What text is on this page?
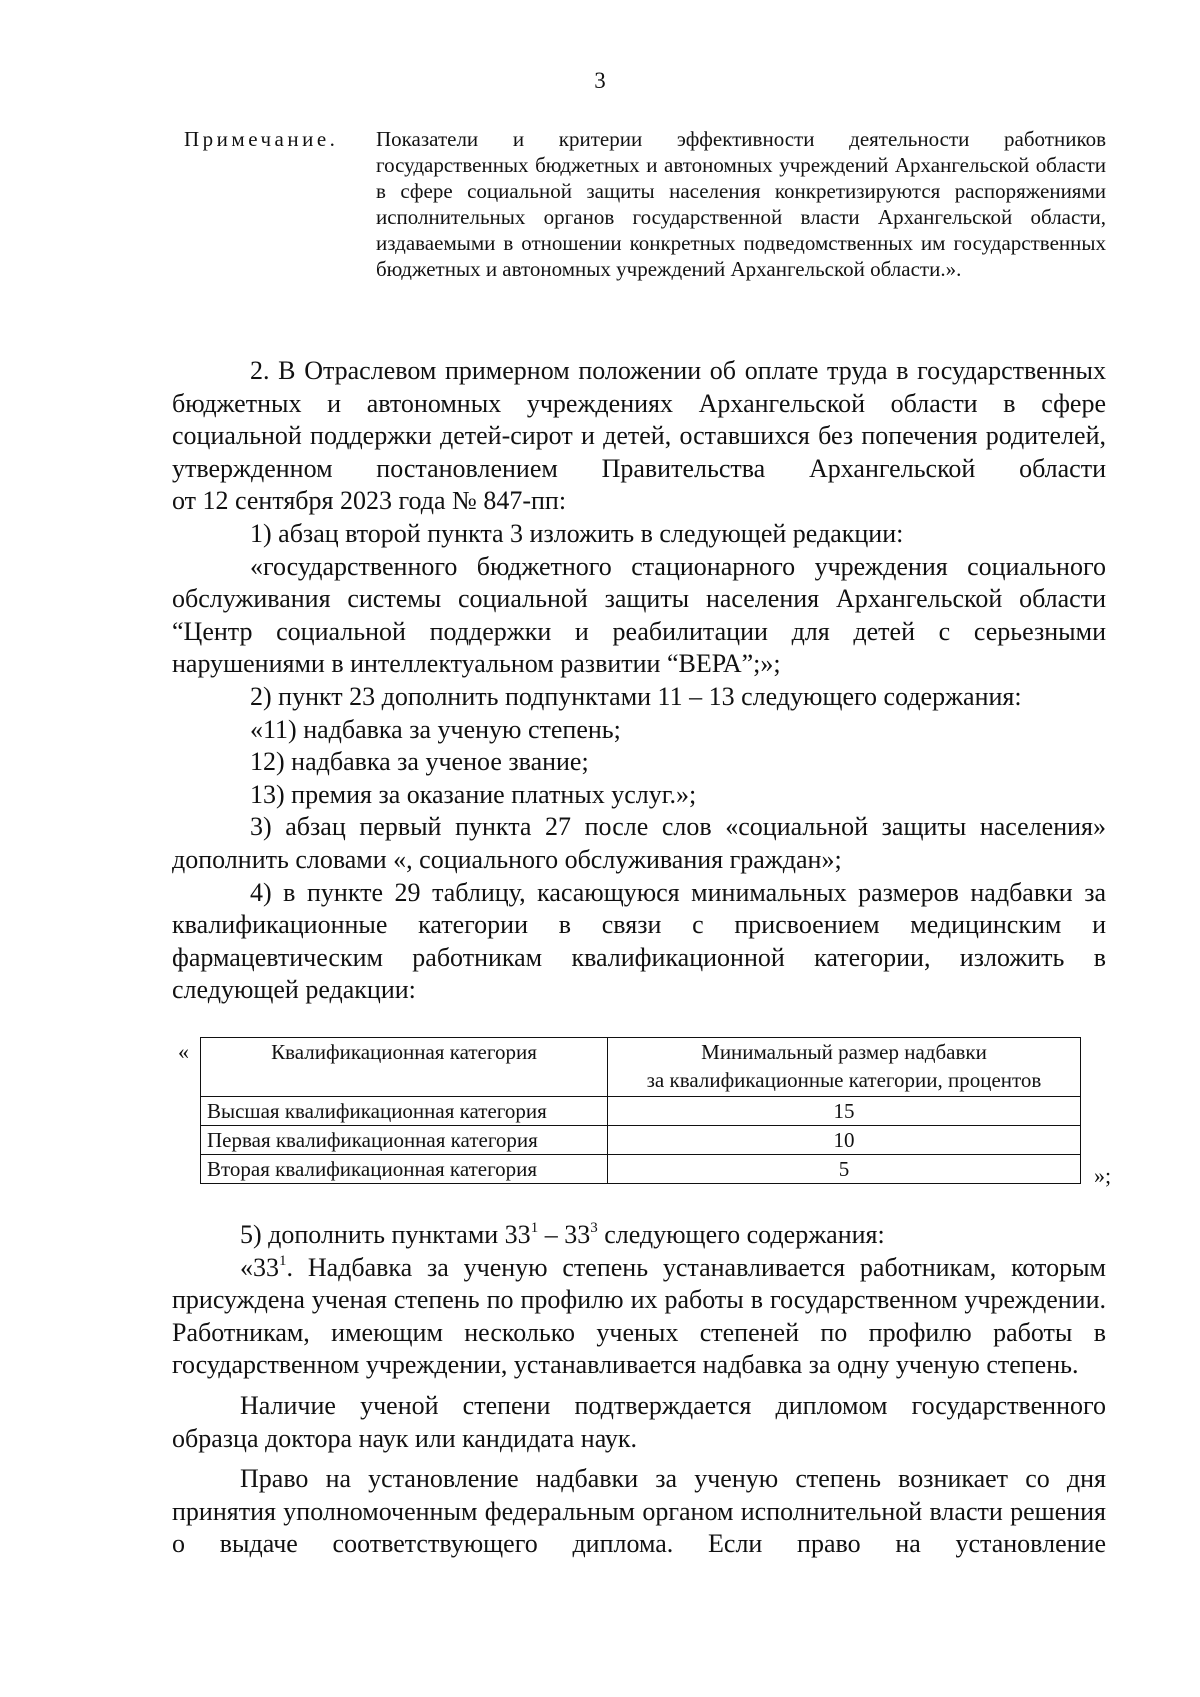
3
Примечание. Показатели и критерии эффективности деятельности работников государственных бюджетных и автономных учреждений Архангельской области в сфере социальной защиты населения конкретизируются распоряжениями исполнительных органов государственной власти Архангельской области, издаваемыми в отношении конкретных подведомственных им государственных бюджетных и автономных учреждений Архангельской области.».

2. В Отраслевом примерном положении об оплате труда в государственных бюджетных и автономных учреждениях Архангельской области в сфере социальной поддержки детей-сирот и детей, оставшихся без попечения родителей, утвержденном постановлением Правительства Архангельской области

от 12 сентября 2023 года № 847-пп:

1) абзац второй пункта 3 изложить в следующей редакции:

«государственного бюджетного стационарного учреждения социального обслуживания системы социальной защиты населения Архангельской области “Центр социальной поддержки и реабилитации для детей с серьезными нарушениями в интеллектуальном развитии “ВЕРА”;»;

2) пункт 23 дополнить подпунктами 11 – 13 следующего содержания:

«11) надбавка за ученую степень;

12) надбавка за ученое звание;

13) премия за оказание платных услуг.»;

3) абзац первый пункта 27 после слов «социальной защиты населения» дополнить словами «, социального обслуживания граждан»;

4) в пункте 29 таблицу, касающуюся минимальных размеров надбавки за квалификационные категории в связи с присвоением медицинским и фармацевтическим работникам квалификационной категории, изложить в следующей редакции:

«	Квалификационная категория	Минимальный размер надбавки
за квалификационные категории, процентов
Высшая квалификационная категория	15
Первая квалификационная категория	10
Вторая квалификационная категория	5	»;

5) дополнить пунктами $33^1 - 33^3$ следующего содержания:

«$33^1$. Надбавка за ученую степень устанавливается работникам, которым присуждена ученая степень по профилю их работы в государственном учреждении. Работникам, имеющим несколько ученых степеней по профилю работы в государственном учреждении, устанавливается надбавка за одну ученую степень.

Наличие ученой степени подтверждается дипломом государственного образца доктора наук или кандидата наук.

Право на установление надбавки за ученую степень возникает со дня принятия уполномоченным федеральным органом исполнительной власти решения о выдаче соответствующего диплома. Если право на установление
